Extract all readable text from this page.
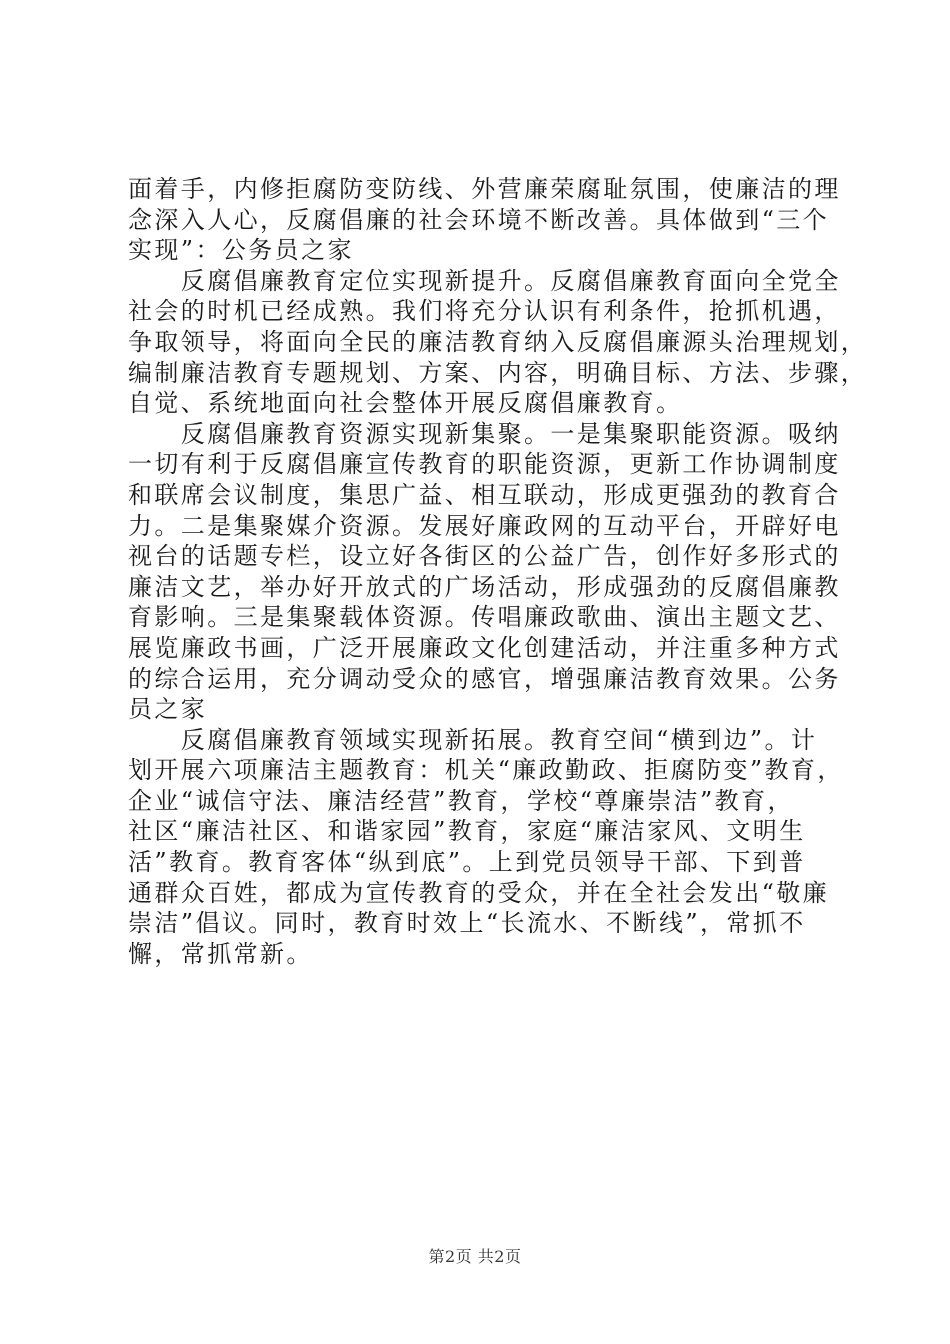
面着手，内修拒腐防变防线、外营廉荣腐耻氛围，使廉洁的理
念深入人心，反腐倡廉的社会环境不断改善。具体做到“三个
实现”：公务员之家
　　反腐倡廉教育定位实现新提升。反腐倡廉教育面向全党全
社会的时机已经成熟。我们将充分认识有利条件，抢抓机遇，
争取领导，将面向全民的廉洁教育纳入反腐倡廉源头治理规划，
编制廉洁教育专题规划、方案、内容，明确目标、方法、步骤，
自觉、系统地面向社会整体开展反腐倡廉教育。
　　反腐倡廉教育资源实现新集聚。一是集聚职能资源。吸纳
一切有利于反腐倡廉宣传教育的职能资源，更新工作协调制度
和联席会议制度，集思广益、相互联动，形成更强劲的教育合
力。二是集聚媒介资源。发展好廉政网的互动平台，开辟好电
视台的话题专栏，设立好各街区的公益广告，创作好多形式的
廉洁文艺，举办好开放式的广场活动，形成强劲的反腐倡廉教
育影响。三是集聚载体资源。传唱廉政歌曲、演出主题文艺、
展览廉政书画，广泛开展廉政文化创建活动，并注重多种方式
的综合运用，充分调动受众的感官，增强廉洁教育效果。公务
员之家
　　反腐倡廉教育领域实现新拓展。教育空间“横到边”。计
划开展六项廉洁主题教育：机关“廉政勤政、拒腐防变”教育，
企业“诚信守法、廉洁经营”教育，学校“尊廉崇洁”教育，
社区“廉洁社区、和谐家园”教育，家庭“廉洁家风、文明生
活”教育。教育客体“纵到底”。上到党员领导干部、下到普
通群众百姓，都成为宣传教育的受众，并在全社会发出“敬廉
崇洁”倡议。同时，教育时效上“长流水、不断线”，常抓不
懈，常抓常新。
第2页 共2页
